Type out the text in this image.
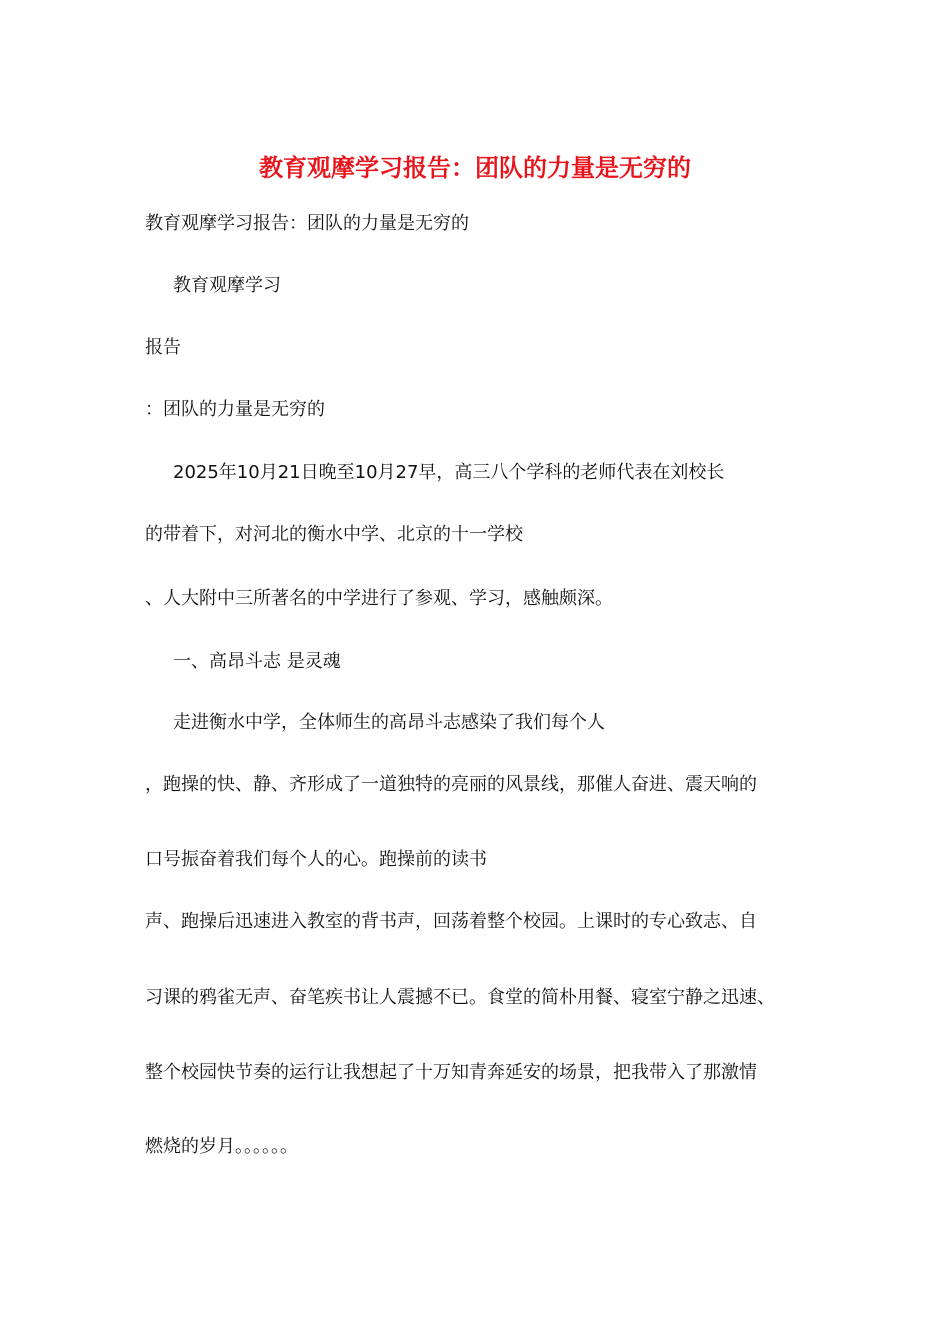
教育观摩学习报告：团队的力量是无穷的
教育观摩学习报告：团队的力量是无穷的
教育观摩学习
报告
：团队的力量是无穷的
2025年10月21日晚至10月27早，高三八个学科的老师代表在刘校长
的带着下，对河北的衡水中学、北京的十一学校
、人大附中三所著名的中学进行了参观、学习，感触颇深。
一、高昂斗志 是灵魂
走进衡水中学，全体师生的高昂斗志感染了我们每个人
，跑操的快、静、齐形成了一道独特的亮丽的风景线，那催人奋进、震天响的
口号振奋着我们每个人的心。跑操前的读书
声、跑操后迅速进入教室的背书声，回荡着整个校园。上课时的专心致志、自
习课的鸦雀无声、奋笔疾书让人震撼不已。食堂的简朴用餐、寝室宁静之迅速、
整个校园快节奏的运行让我想起了十万知青奔延安的场景，把我带入了那激情
燃烧的岁月。。。。。。
